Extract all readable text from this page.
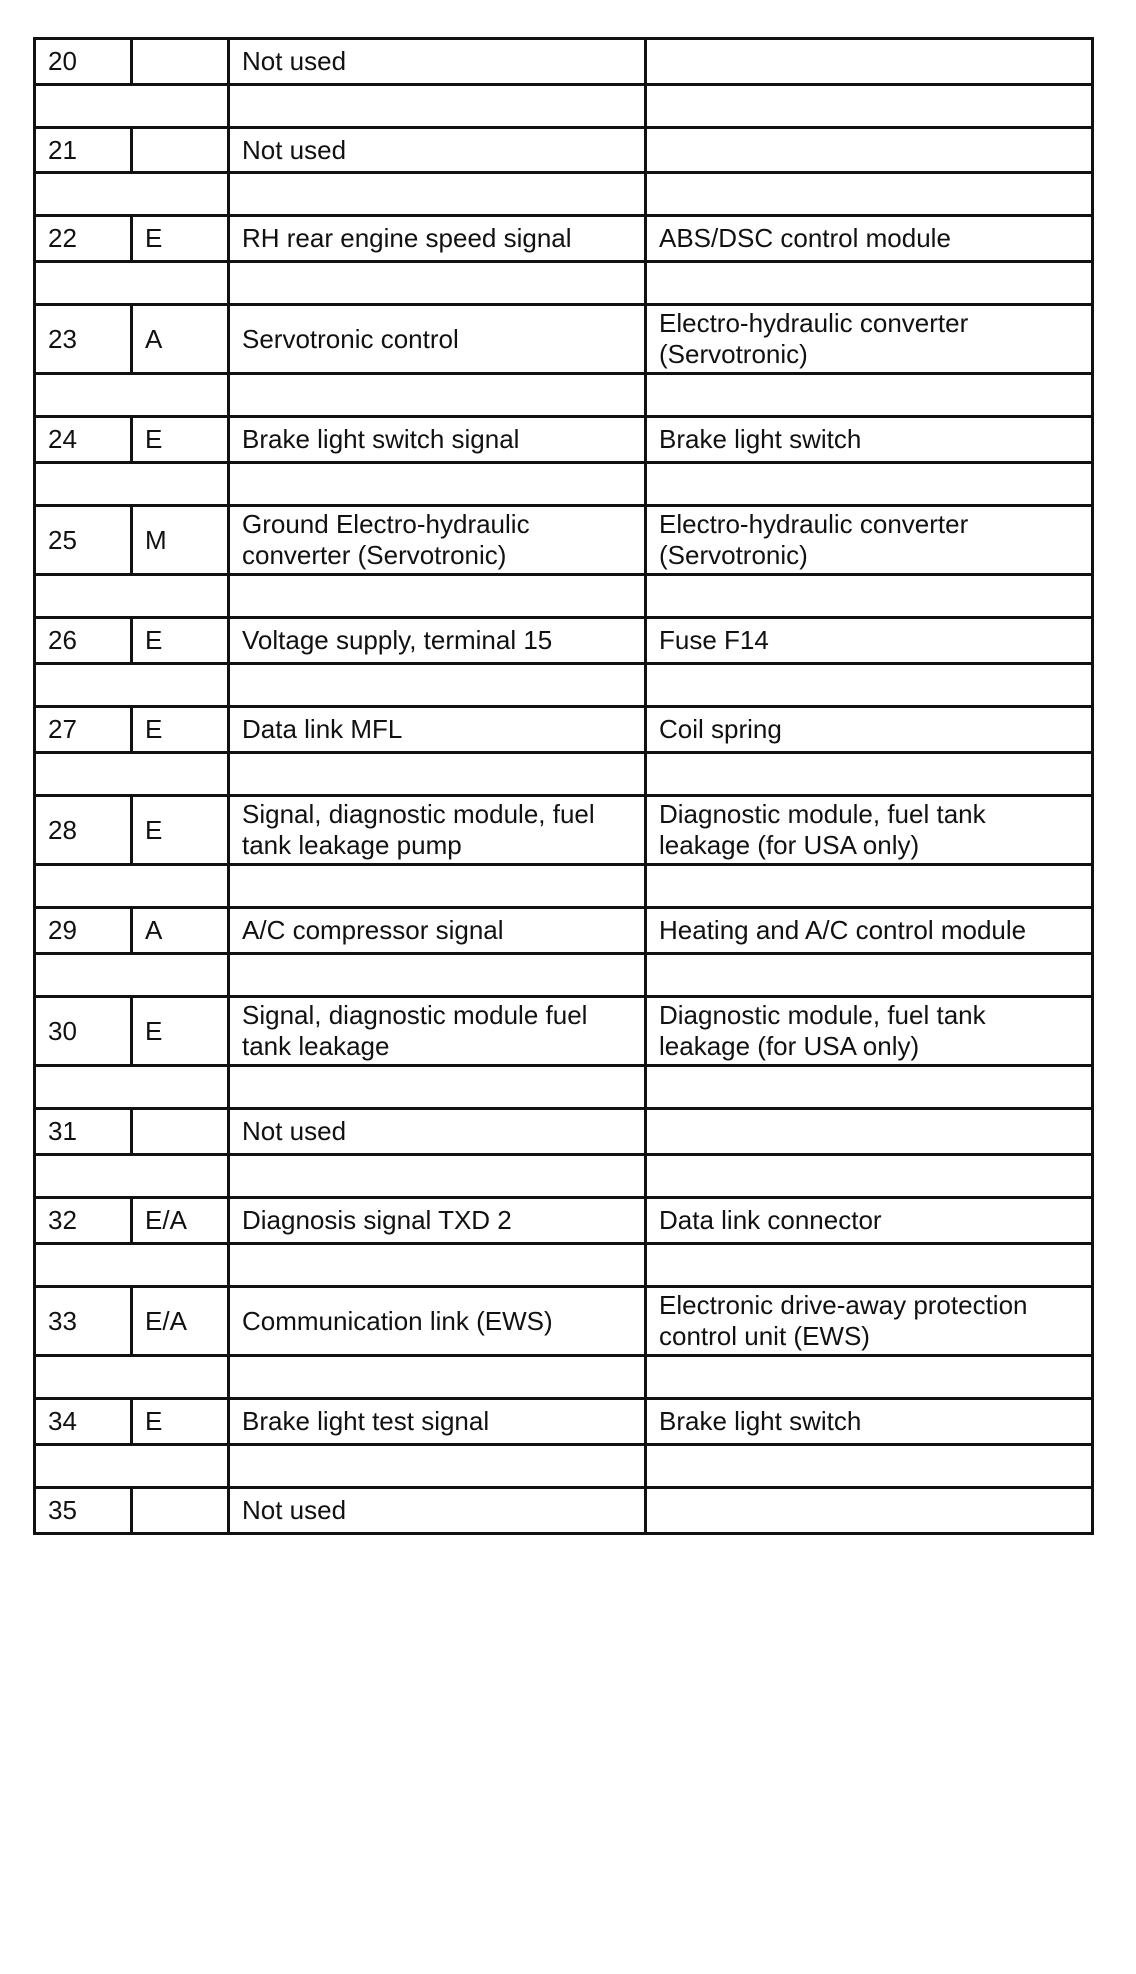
20		Not used	

21		Not used	

22	E	RH rear engine speed signal	ABS/DSC control module

23	A	Servotronic control	Electro-hydraulic converter (Servotronic)

24	E	Brake light switch signal	Brake light switch

25	M	Ground Electro-hydraulic converter (Servotronic)	Electro-hydraulic converter (Servotronic)

26	E	Voltage supply, terminal 15	Fuse F14

27	E	Data link MFL	Coil spring

28	E	Signal, diagnostic module, fuel tank leakage pump	Diagnostic module, fuel tank leakage (for USA only)

29	A	A/C compressor signal	Heating and A/C control module

30	E	Signal, diagnostic module fuel tank leakage	Diagnostic module, fuel tank leakage (for USA only)

31		Not used	

32	E/A	Diagnosis signal TXD 2	Data link connector

33	E/A	Communication link (EWS)	Electronic drive-away protection control unit (EWS)

34	E	Brake light test signal	Brake light switch

35		Not used	
